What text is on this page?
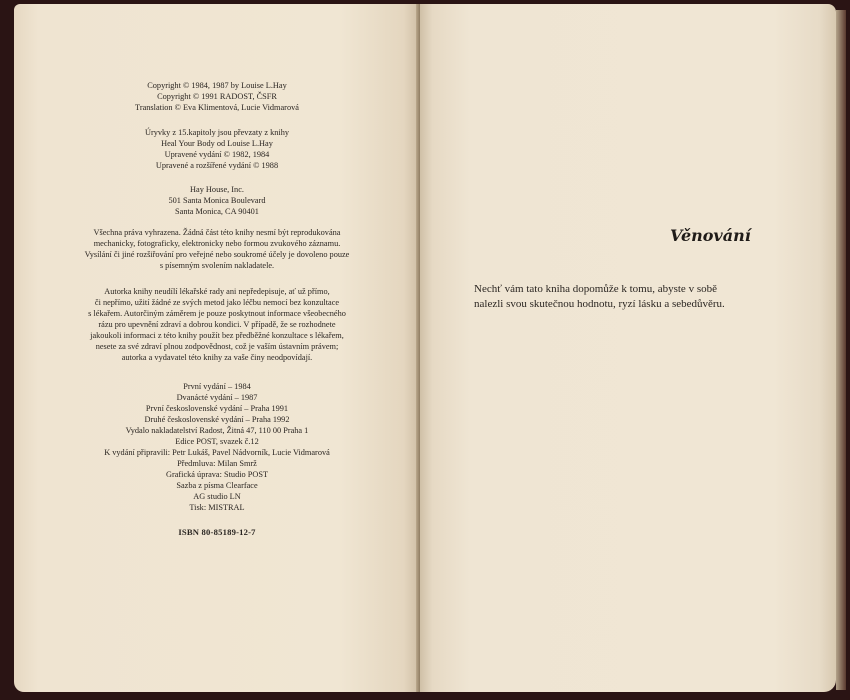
Copyright © 1984, 1987 by Louise L.Hay
Copyright © 1991 RADOST, ČSFR
Translation © Eva Klimentová, Lucie Vidmarová
Úryvky z 15.kapitoly jsou převzaty z knihy
Heal Your Body od Louise L.Hay
Upravené vydání © 1982, 1984
Upravené a rozšířené vydání © 1988
Hay House, Inc.
501 Santa Monica Boulevard
Santa Monica, CA 90401
Všechna práva vyhrazena. Žádná část této knihy nesmí být reprodukována
mechanicky, fotograficky, elektronicky nebo formou zvukového záznamu.
Vysílání či jiné rozšiřování pro veřejné nebo soukromé účely je dovoleno pouze
s písemným svolením nakladatele.
Autorka knihy neudílí lékařské rady ani nepředepisuje, ať už přímo,
či nepřímo, užití žádné ze svých metod jako léčbu nemocí bez konzultace
s lékařem. Autorčiným záměrem je pouze poskytnout informace všeobecného
rázu pro upevnění zdraví a dobrou kondici. V případě, že se rozhodnete
jakoukoli informaci z této knihy použít bez předběžné konzultace s lékařem,
nesete za své zdraví plnou zodpovědnost, což je vaším ústavním právem;
autorka a vydavatel této knihy za vaše činy neodpovídají.
První vydání – 1984
Dvanácté vydání – 1987
První československé vydání – Praha 1991
Druhé československé vydání – Praha 1992
Vydalo nakladatelství Radost, Žitná 47, 110 00 Praha 1
Edice POST, svazek č.12
K vydání připravili: Petr Lukáš, Pavel Nádvorník, Lucie Vidmarová
Předmluva: Milan Smrž
Grafická úprava: Studio POST
Sazba z písma Clearface
AG studio LN
Tisk: MISTRAL
ISBN 80-85189-12-7
Věnování
Nechť vám tato kniha dopomůže k tomu, abyste v sobě
nalezli svou skutečnou hodnotu, ryzí lásku a sebedůvěru.
